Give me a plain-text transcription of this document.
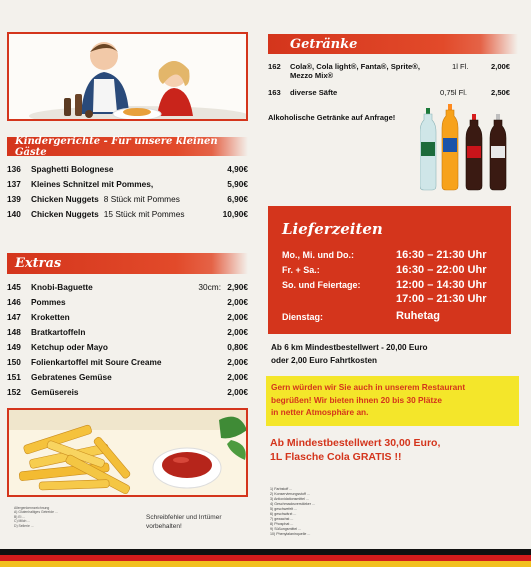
Kindergerichte - Für unsere kleinen Gäste
136	Spaghetti Bolognese	4,90€
137	Kleines Schnitzel mit Pommes,	5,90€
139	Chicken Nuggets 8 Stück mit Pommes	6,90€
140	Chicken Nuggets 15 Stück mit Pommes	10,90€
Extras
145	Knobi-Baguette	30cm: 2,90€
146	Pommes	2,00€
147	Kroketten	2,00€
148	Bratkartoffeln	2,00€
149	Ketchup oder Mayo	0,80€
150	Folienkartoffel mit Soure Creame	2,00€
151	Gebratenes Gemüse	2,00€
152	Gemüsereis	2,00€
Allergenkennzeichnung
A) Glutenhaltiges Getreide ...
B) Ei ...
C) Milch ...
D) Sellerie ...
Schreibfehler und Irrtümer
vorbehalten!
Getränke
162 Cola®, Cola light®, Fanta®, Sprite®,
Mezzo Mix®
1l Fl.	2,00€
163 diverse Säfte	0,75l Fl.	2,50€
Alkoholische Getränke auf Anfrage!
Lieferzeiten
Mo., Mi. und Do.:	16:30 – 21:30 Uhr
Fr. + Sa.:	16:30 – 22:00 Uhr
So. und Feiertage:	12:00 – 14:30 Uhr
17:00 – 21:30 Uhr
Dienstag:	Ruhetag
Ab 6 km Mindestbestellwert - 20,00 Euro
oder 2,00 Euro Fahrtkosten
Gern würden wir Sie auch in unserem Restaurant
begrüßen! Wir bieten ihnen 20 bis 30 Plätze
in netter Atmosphäre an.
Ab Mindestbestellwert 30,00 Euro,
1L Flasche Cola GRATIS !!
1) Farbstoff ...
2) Konservierungsstoff ...
3) Antioxidationsmittel ...
4) Geschmacksverstärker ...
5) geschwefelt ...
6) geschwärzt ...
7) gewachst ...
8) Phosphat ...
9) Süßungsmittel ...
10) Phenylalaninquelle ...
